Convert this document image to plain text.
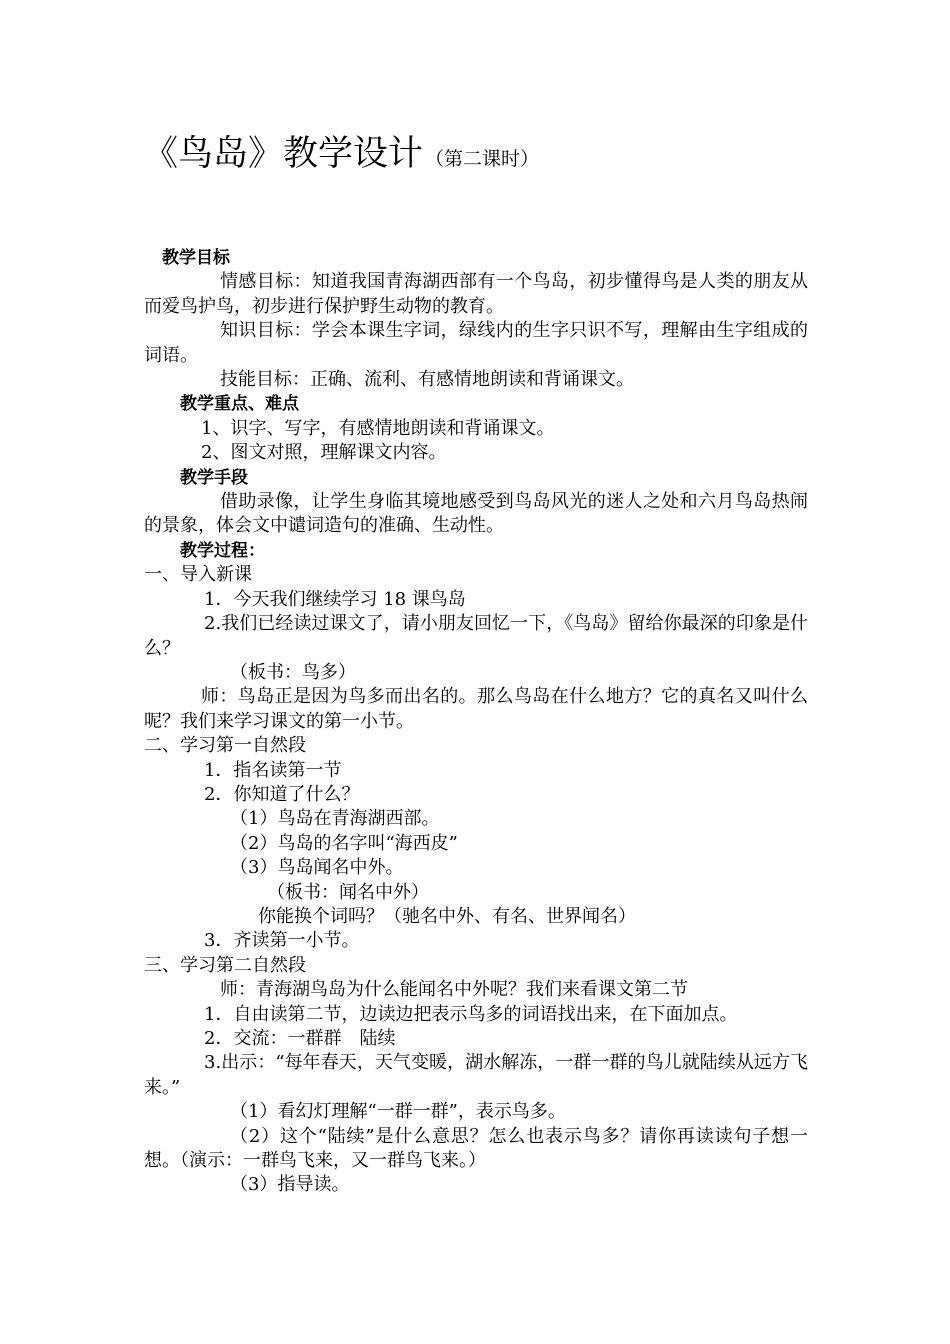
《鸟岛》教学设计 （第二课时）

教学目标

情感目标：知道我国青海湖西部有一个鸟岛，初步懂得鸟是人类的朋友从而爱鸟护鸟，初步进行保护野生动物的教育。

知识目标：学会本课生字词，绿线内的生字只识不写，理解由生字组成的词语。

技能目标：正确、流利、有感情地朗读和背诵课文。

教学重点、难点

1、识字、写字，有感情地朗读和背诵课文。

2、图文对照，理解课文内容。

教学手段

借助录像，让学生身临其境地感受到鸟岛风光的迷人之处和六月鸟岛热闹的景象，体会文中谴词造句的准确、生动性。

教学过程：

一、导入新课

1．今天我们继续学习 18 课鸟岛

2.我们已经读过课文了，请小朋友回忆一下，《鸟岛》留给你最深的印象是什么？

（板书：鸟多）

师：鸟岛正是因为鸟多而出名的。那么鸟岛在什么地方？它的真名又叫什么呢？我们来学习课文的第一小节。

二、学习第一自然段

1．指名读第一节

2．你知道了什么？

（1）鸟岛在青海湖西部。

（2）鸟岛的名字叫“海西皮”

（3）鸟岛闻名中外。

（板书：闻名中外）

你能换个词吗？（驰名中外、有名、世界闻名）

3．齐读第一小节。

三、学习第二自然段

师：青海湖鸟岛为什么能闻名中外呢？我们来看课文第二节

1．自由读第二节，边读边把表示鸟多的词语找出来，在下面加点。

2．交流：一群群　陆续

3.出示：“每年春天，天气变暖，湖水解冻，一群一群的鸟儿就陆续从远方飞来。”

（1）看幻灯理解“一群一群”，表示鸟多。

（2）这个“陆续”是什么意思？怎么也表示鸟多？请你再读读句子想一想。（演示：一群鸟飞来，又一群鸟飞来。）

（3）指导读。
